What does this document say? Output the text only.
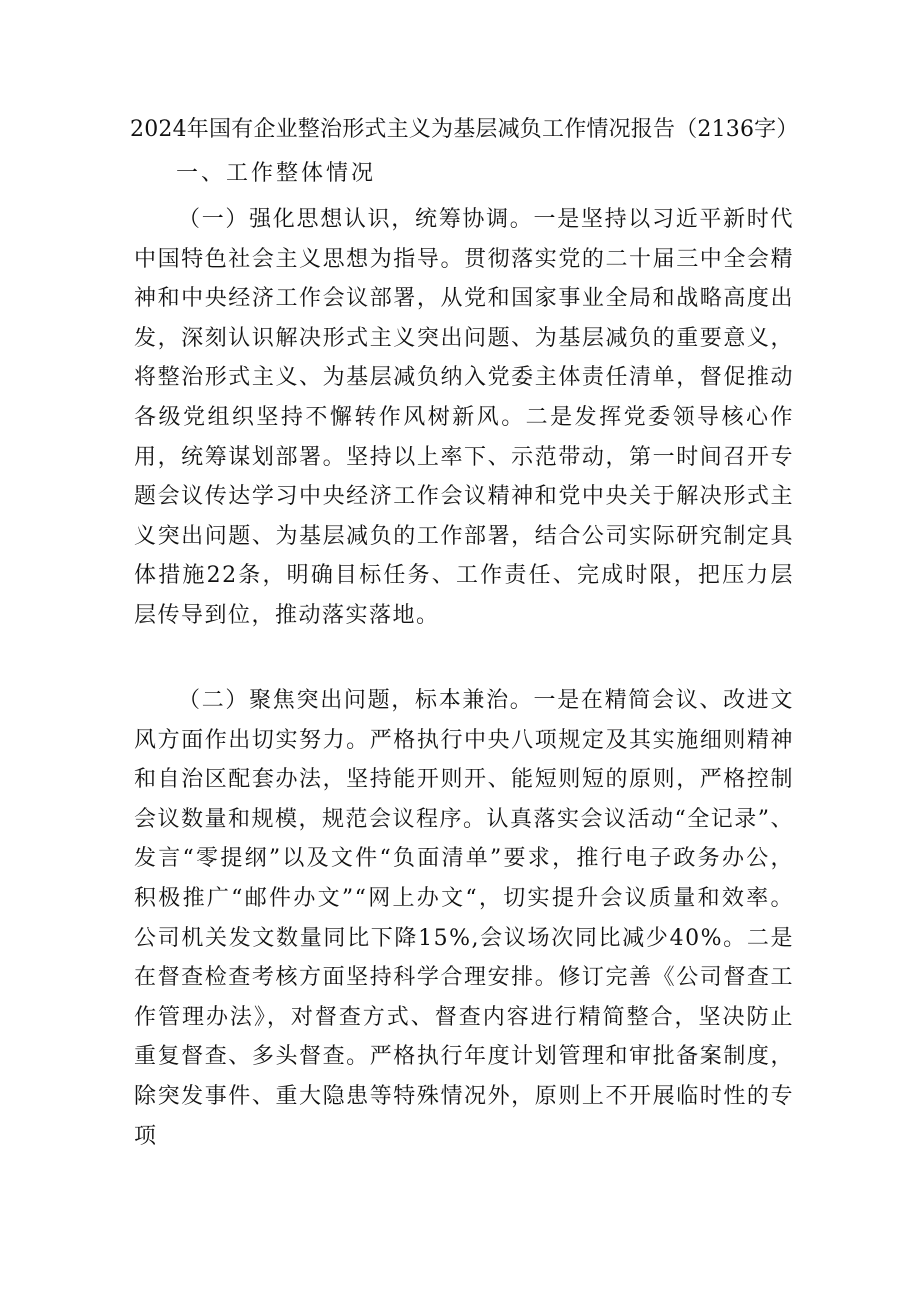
2024年国有企业整治形式主义为基层减负工作情况报告（2136字）
一、工作整体情况

（一）强化思想认识，统筹协调。一是坚持以习近平新时代中国特色社会主义思想为指导。贯彻落实党的二十届三中全会精神和中央经济工作会议部署，从党和国家事业全局和战略高度出发，深刻认识解决形式主义突出问题、为基层减负的重要意义，将整治形式主义、为基层减负纳入党委主体责任清单，督促推动各级党组织坚持不懈转作风树新风。二是发挥党委领导核心作用，统筹谋划部署。坚持以上率下、示范带动，第一时间召开专题会议传达学习中央经济工作会议精神和党中央关于解决形式主义突出问题、为基层减负的工作部署，结合公司实际研究制定具体措施22条，明确目标任务、工作责任、完成时限，把压力层层传导到位，推动落实落地。

（二）聚焦突出问题，标本兼治。一是在精简会议、改进文风方面作出切实努力。严格执行中央八项规定及其实施细则精神和自治区配套办法，坚持能开则开、能短则短的原则，严格控制会议数量和规模，规范会议程序。认真落实会议活动“全记录”、发言“零提纲”以及文件“负面清单”要求，推行电子政务办公，积极推广“邮件办文”“网上办文“，切实提升会议质量和效率。公司机关发文数量同比下降15%,会议场次同比减少40%。二是在督查检查考核方面坚持科学合理安排。修订完善《公司督查工作管理办法》，对督查方式、督查内容进行精简整合，坚决防止重复督查、多头督查。严格执行年度计划管理和审批备案制度，除突发事件、重大隐患等特殊情况外，原则上不开展临时性的专项
